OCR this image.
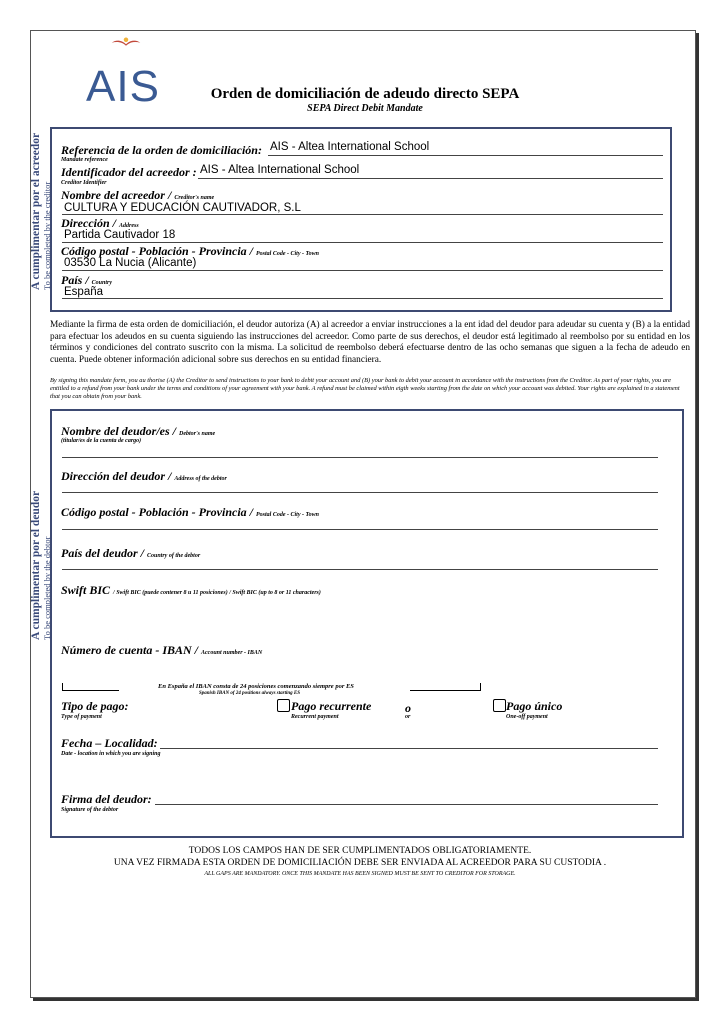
AIS	Orden de domiciliación de adeudo directo SEPA
SEPA Direct Debit Mandate
A cumplimentar por el acreedor To be completed by the creditor
Referencia de la orden de domiciliación:
Mandate reference
AIS - Altea International School
Identificador del acreedor :
Creditor Identifier
AIS - Altea International School
Nombre del acreedor / Creditor's name
CULTURA Y EDUCACIÓN CAUTIVADOR, S.L
Dirección / Address
Partida Cautivador 18
Código postal - Población - Provincia / Postal Code - City - Town
03530 La Nucia (Alicante)
País / Country
España
Mediante la firma de esta orden de domiciliación, el deudor autoriza (A) al acreedor a enviar instrucciones a la ent idad del deudor para adeudar su cuenta y (B) a la entidad para efectuar los adeudos en su cuenta siguiendo las instrucciones del acreedor. Como parte de sus derechos, el deudor está legitimado al reembolso por su entidad en los términos y condiciones del contrato suscrito con la misma. La solicitud de reembolso deberá efectuarse dentro de las ocho semanas que siguen a la fecha de adeudo en cuenta. Puede obtener información adicional sobre sus derechos en su entidad financiera.
By signing this mandate form, you au thorise (A) the Creditor to send instructions to your bank to debit your account and (B) your bank to debit your account in accordance with the instructions from the Creditor. As part of your rights, you are entitled to a refund from your bank under the terms and conditions of your agreement with your bank. A refund must be claimed within eigth weeks starting from the date on which your account was debited. Your rights are explained in a statement that you can obtain from your bank.
A cumplimentar por el deudor To be completed by the debtor
Nombre del deudor/es / Debtor's name
(titular/es de la cuenta de cargo)
Dirección del deudor / Address of the debtor
Código postal - Población - Provincia / Postal Code - City - Town
País del deudor / Country of the debtor
Swift BIC / Swift BIC (puede contener 8 u 11 posiciones) / Swift BIC (up to 8 or 11 characters)
Número de cuenta - IBAN / Account number - IBAN
En España el IBAN consta de 24 posiciones comenzando siempre por ES
Spanish IBAN of 24 positions always starting ES
Tipo de pago:
Type of payment
Pago recurrente
Recurrent payment
o
or
Pago único
One-off payment
Fecha – Localidad:
Date - location in which you are signing
Firma del deudor:
Signature of the debtor
TODOS LOS CAMPOS HAN DE SER CUMPLIMENTADOS OBLIGATORIAMENTE.
UNA VEZ FIRMADA ESTA ORDEN DE DOMICILIACIÓN DEBE SER ENVIADA AL ACREEDOR PARA SU CUSTODIA .
ALL GAPS ARE MANDATORY. ONCE THIS MANDATE HAS BEEN SIGNED MUST BE SENT TO CREDITOR FOR STORAGE.
